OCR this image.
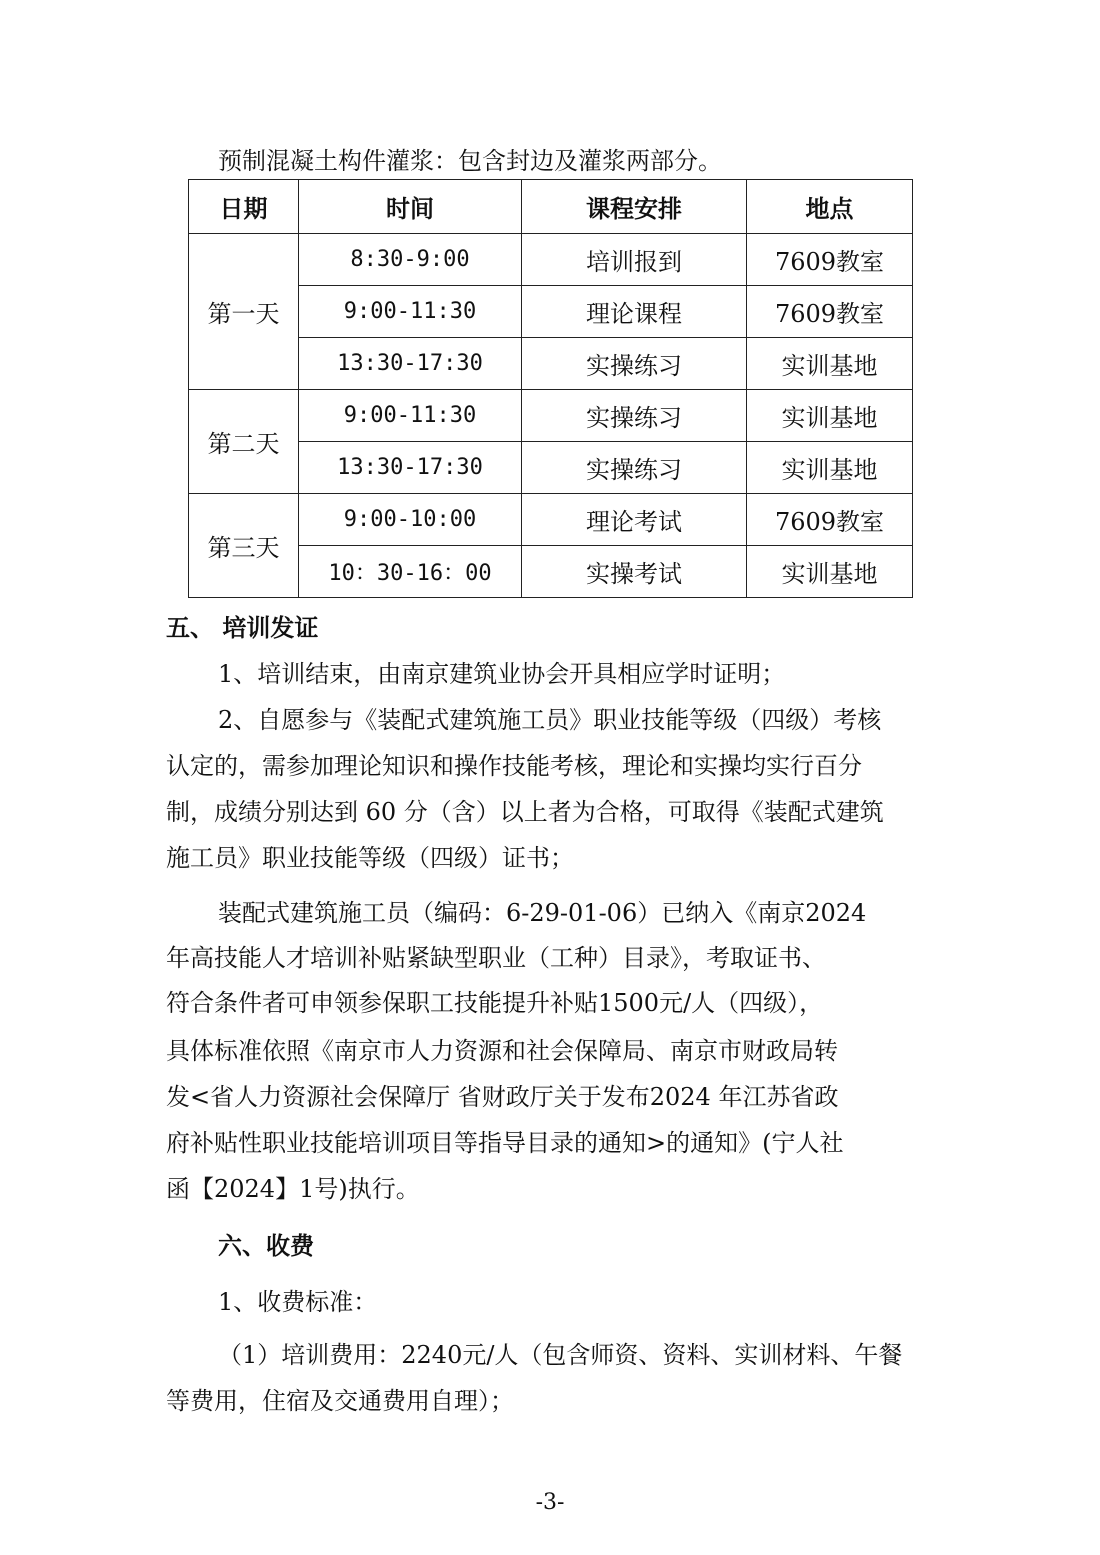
预制混凝土构件灌浆：包含封边及灌浆两部分。
日期	时间	课程安排	地点
第一天	8:30-9:00	培训报到	7609教室
	9:00-11:30	理论课程	7609教室
	13:30-17:30	实操练习	实训基地
第二天	9:00-11:30	实操练习	实训基地
	13:30-17:30	实操练习	实训基地
第三天	9:00-10:00	理论考试	7609教室
	10：30-16：00	实操考试	实训基地
五、 培训发证
1、培训结束，由南京建筑业协会开具相应学时证明；
2、自愿参与《装配式建筑施工员》职业技能等级（四级）考核
认定的，需参加理论知识和操作技能考核，理论和实操均实行百分
制，成绩分别达到 60 分（含）以上者为合格，可取得《装配式建筑
施工员》职业技能等级（四级）证书；
装配式建筑施工员（编码：6-29-01-06）已纳入《南京2024
年高技能人才培训补贴紧缺型职业（工种）目录》，考取证书、
符合条件者可申领参保职工技能提升补贴1500元/人（四级），
具体标准依照《南京市人力资源和社会保障局、南京市财政局转
发<省人力资源社会保障厅 省财政厅关于发布2024 年江苏省政
府补贴性职业技能培训项目等指导目录的通知>的通知》(宁人社
函【2024】1号)执行。
六、收费
1、收费标准：
（1）培训费用：2240元/人（包含师资、资料、实训材料、午餐
等费用，住宿及交通费用自理）；
-3-
